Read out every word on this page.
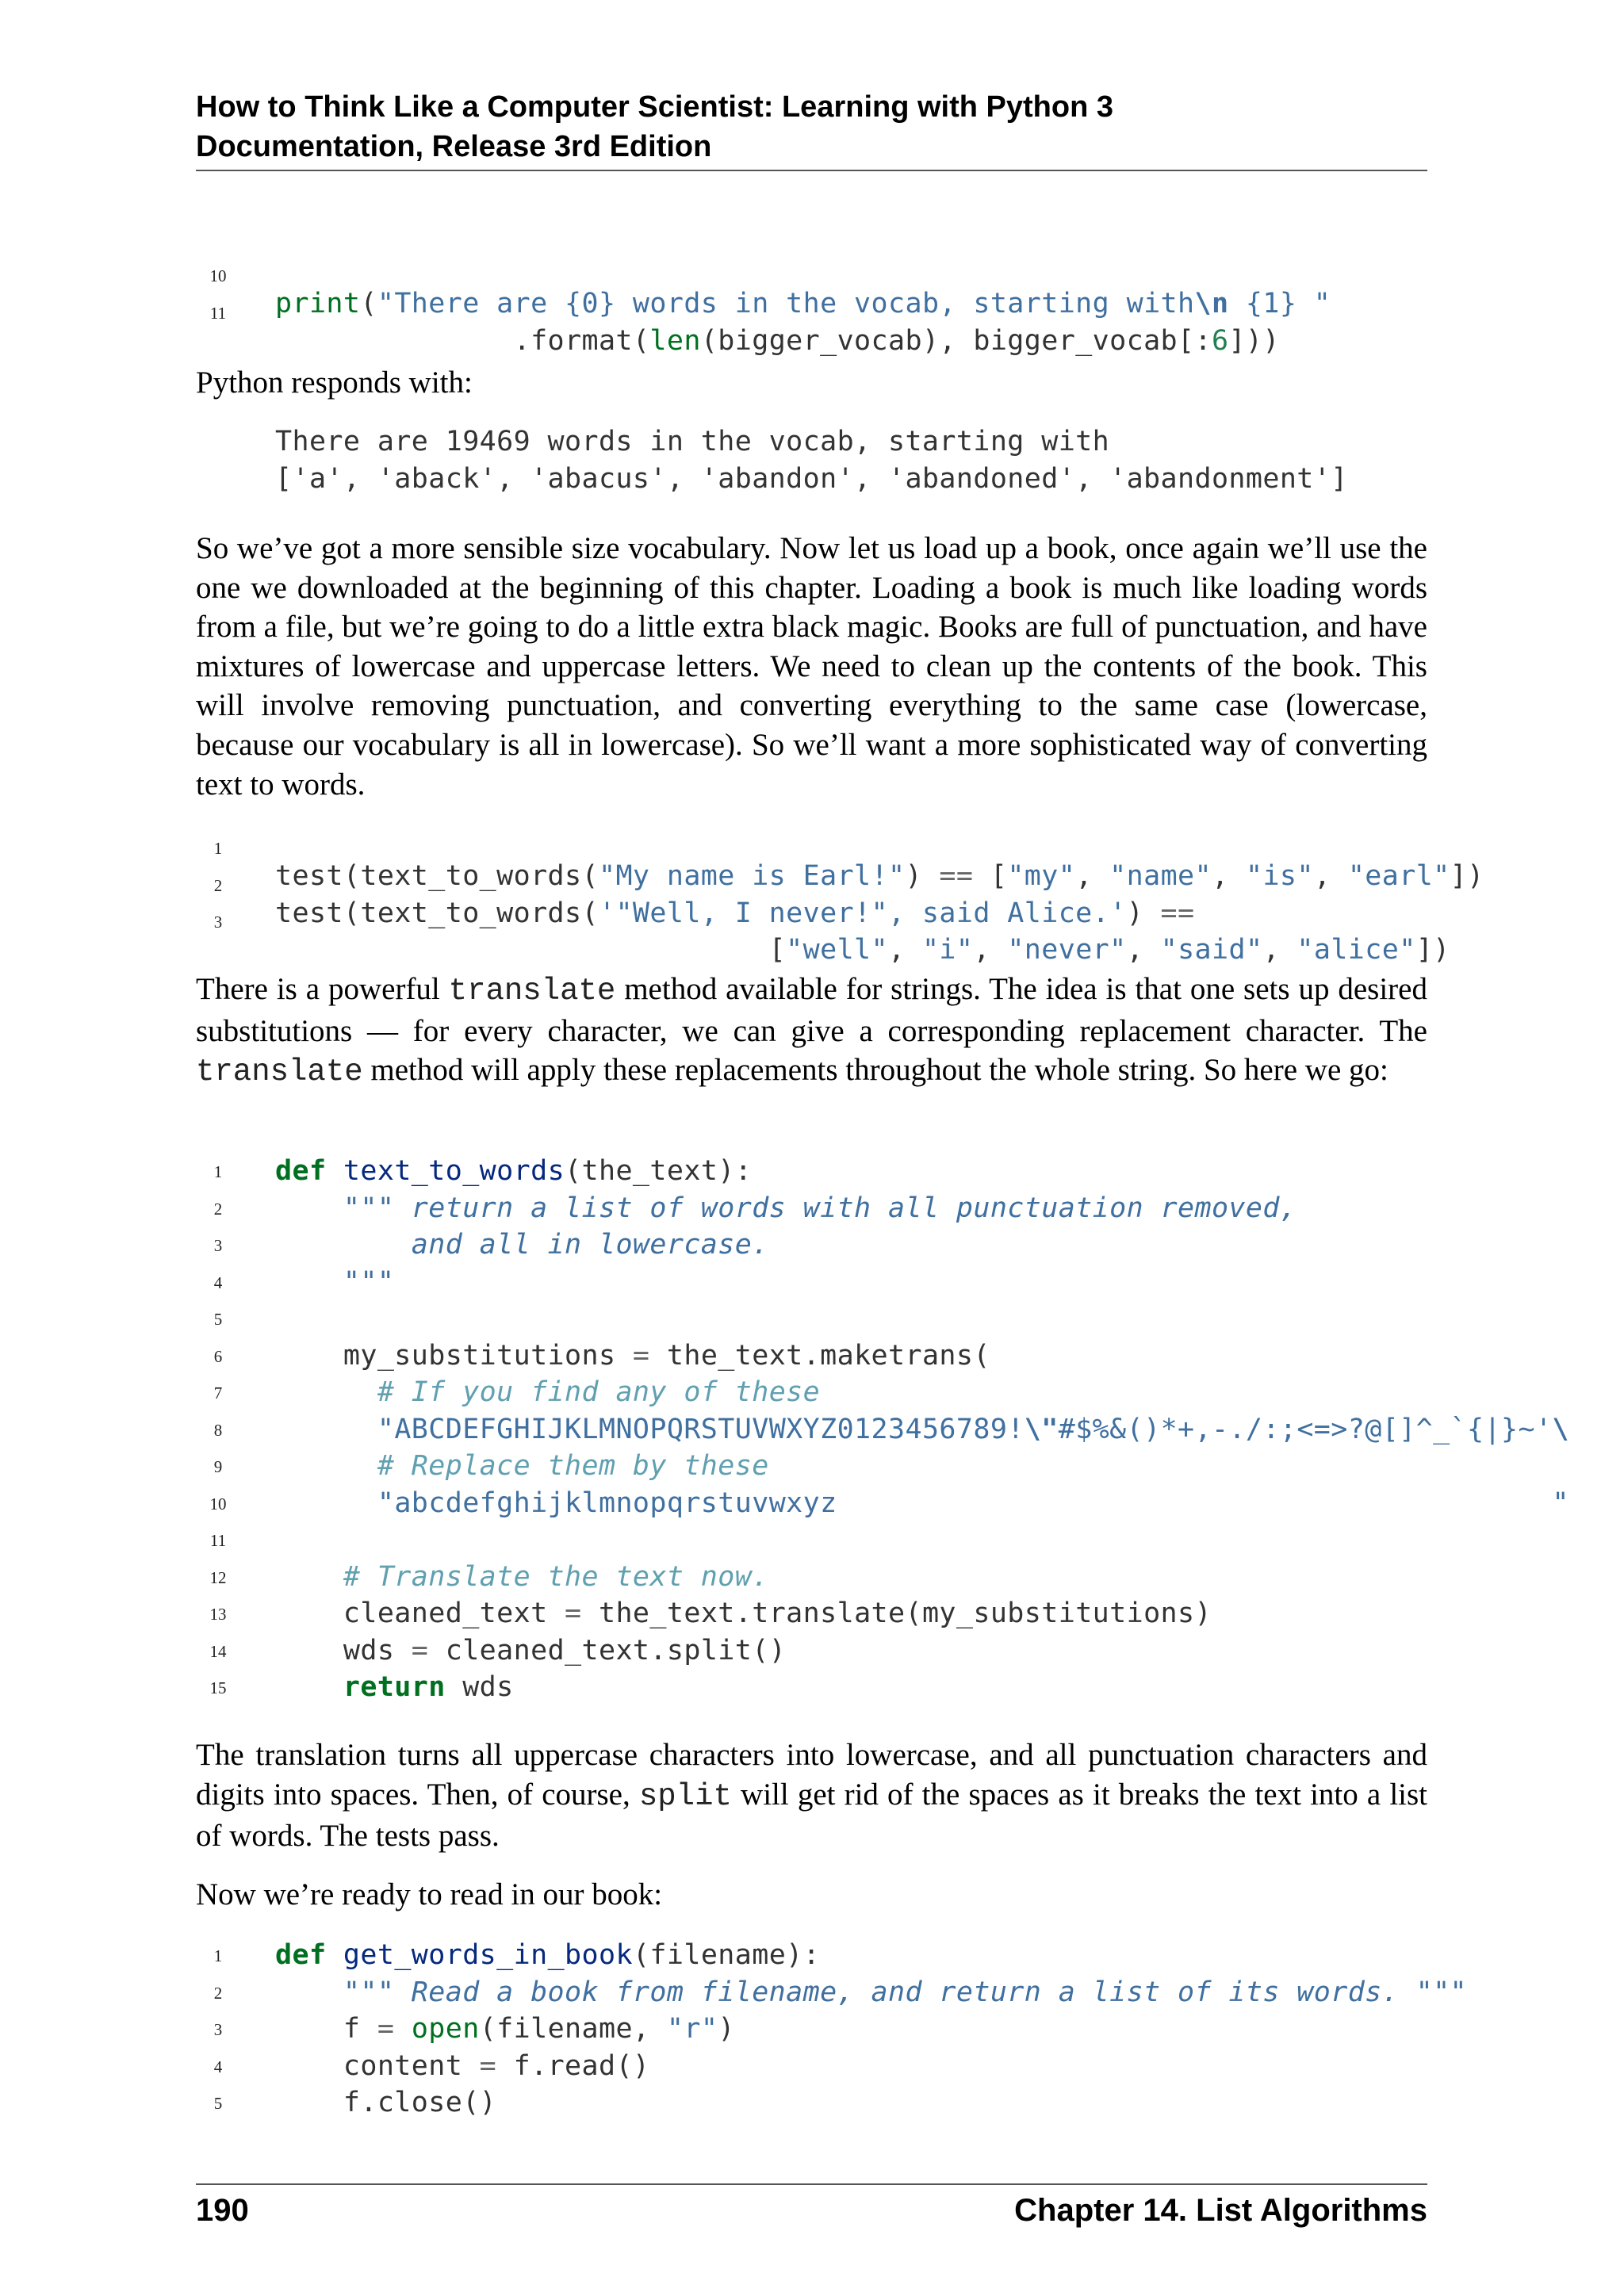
How to Think Like a Computer Scientist: Learning with Python 3
Documentation, Release 3rd Edition

10

print("There are {0} words in the vocab, starting with\n {1} "

11

.format(len(bigger_vocab), bigger_vocab[:6]))

Python responds with:

There are 19469 words in the vocab, starting with
['a', 'aback', 'abacus', 'abandon', 'abandoned', 'abandonment']

So we’ve got a more sensible size vocabulary. Now let us load up a book, once again we’ll use the one we downloaded at the beginning of this chapter. Loading a book is much like loading words from a file, but we’re going to do a little extra black magic. Books are full of punctuation, and have mixtures of lowercase and uppercase letters. We need to clean up the contents of the book. This will involve removing punctuation, and converting everything to the same case (lowercase, because our vocabulary is all in lowercase). So we’ll want a more sophisticated way of converting text to words.

1

test(text_to_words("My name is Earl!") == ["my", "name", "is", "earl"])

2

test(text_to_words('"Well, I never!", said Alice.') ==

3

["well", "i", "never", "said", "alice"])

There is a powerful translate method available for strings. The idea is that one sets up desired substitutions — for every character, we can give a corresponding replacement character. The translate method will apply these replacements throughout the whole string. So here we go:

1	def text_to_words(the_text):
2	""" return a list of words with all punctuation removed,
3	and all in lowercase.
4	"""
5
6	my_substitutions = the_text.maketrans(
7	# If you find any of these
8	"ABCDEFGHIJKLMNOPQRSTUVWXYZ0123456789!\"#$%&()*+,-./:;<=>?@[]^_`{|}~'\
9	# Replace them by these
10	"abcdefghijklmnopqrstuvwxyz                                          "
11
12	# Translate the text now.
13	cleaned_text = the_text.translate(my_substitutions)
14	wds = cleaned_text.split()
15	return wds

The translation turns all uppercase characters into lowercase, and all punctuation characters and digits into spaces. Then, of course, split will get rid of the spaces as it breaks the text into a list of words. The tests pass.

Now we’re ready to read in our book:

1	def get_words_in_book(filename):
2	""" Read a book from filename, and return a list of its words. """
3	f = open(filename, "r")
4	content = f.read()
5	f.close()
190	Chapter 14. List Algorithms
